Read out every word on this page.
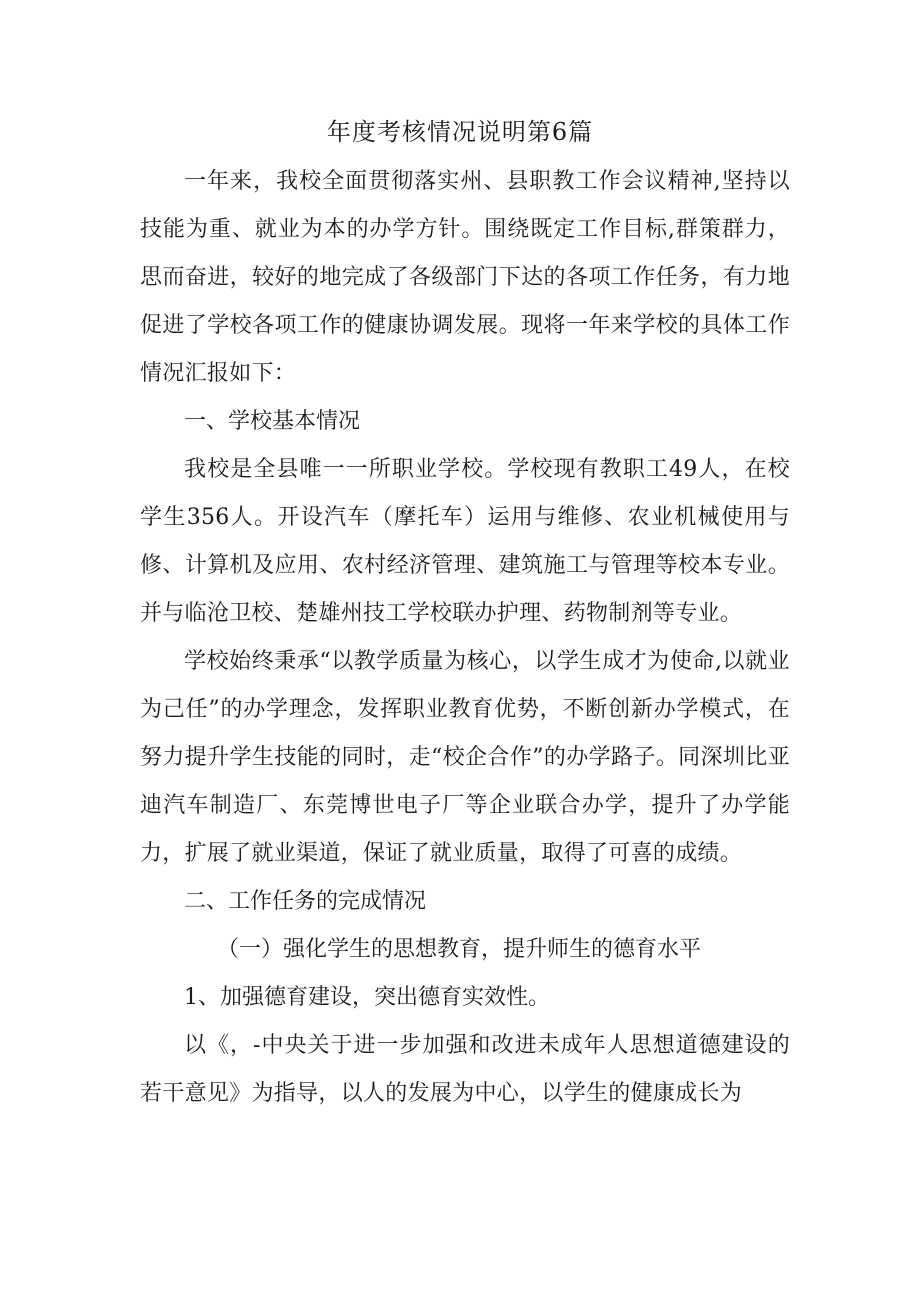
年度考核情况说明第6篇

一年来，我校全面贯彻落实州、县职教工作会议精神,坚持以技能为重、就业为本的办学方针。围绕既定工作目标,群策群力，思而奋进，较好的地完成了各级部门下达的各项工作任务，有力地促进了学校各项工作的健康协调发展。现将一年来学校的具体工作情况汇报如下：

一、学校基本情况

我校是全县唯一一所职业学校。学校现有教职工49人，在校学生356人。开设汽车（摩托车）运用与维修、农业机械使用与修、计算机及应用、农村经济管理、建筑施工与管理等校本专业。并与临沧卫校、楚雄州技工学校联办护理、药物制剂等专业。

学校始终秉承“以教学质量为核心，以学生成才为使命,以就业为己任”的办学理念，发挥职业教育优势，不断创新办学模式，在努力提升学生技能的同时，走“校企合作”的办学路子。同深圳比亚迪汽车制造厂、东莞博世电子厂等企业联合办学，提升了办学能力，扩展了就业渠道，保证了就业质量，取得了可喜的成绩。

二、工作任务的完成情况

（一）强化学生的思想教育，提升师生的德育水平

1、加强德育建设，突出德育实效性。

以《，-中央关于进一步加强和改进未成年人思想道德建设的若干意见》为指导，以人的发展为中心，以学生的健康成长为
